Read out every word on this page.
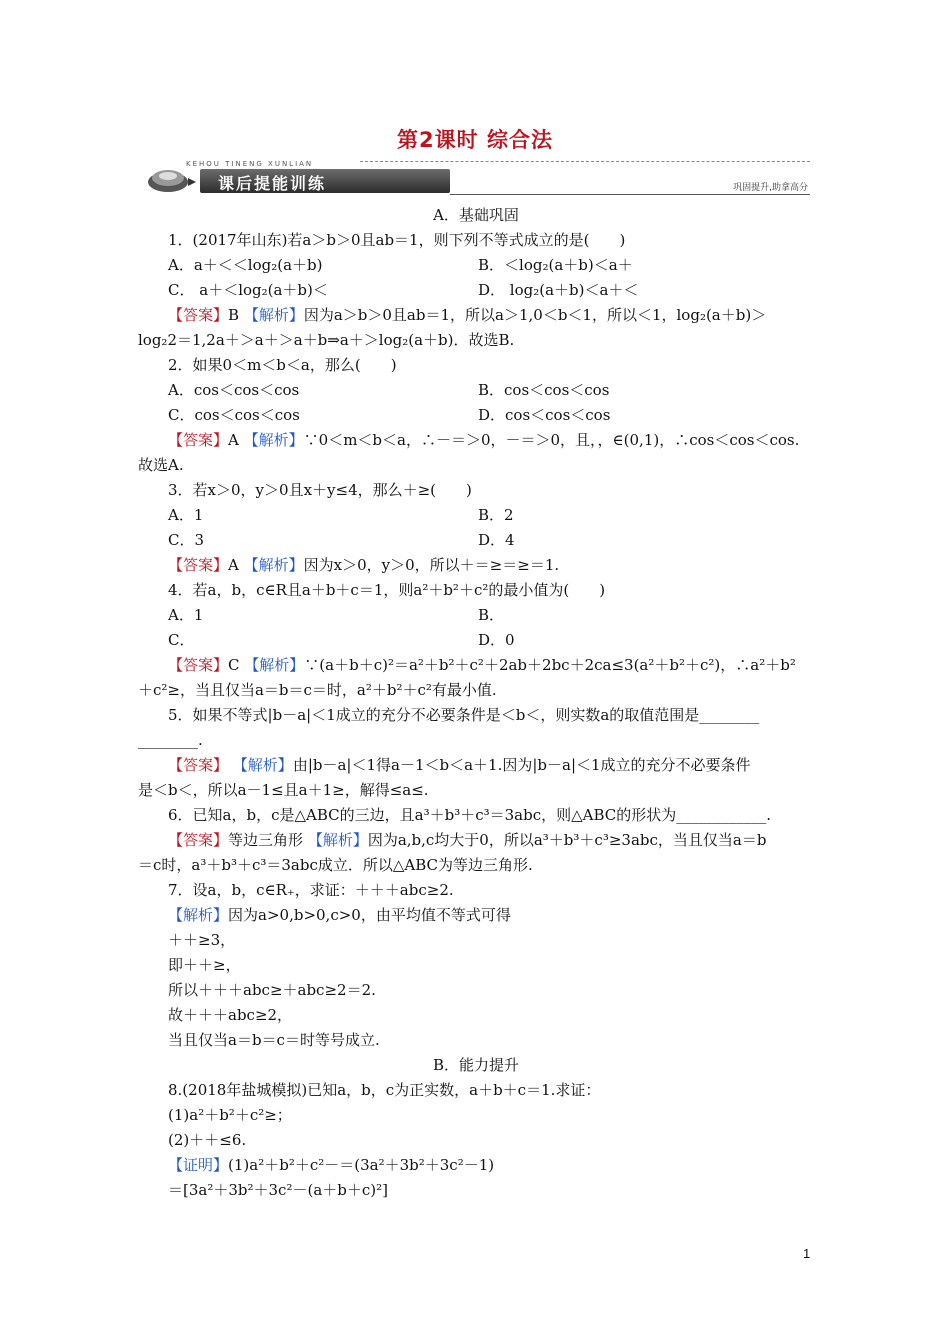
第2课时 综合法
KEHOU TINENG XUNLIAN
课后提能训练	巩固提升,助拿高分
A．基础巩固
1．(2017年山东)若a＞b＞0且ab＝1，则下列不等式成立的是(　　)
A．a＋＜＜log₂(a＋b)	B．＜log₂(a＋b)＜a＋
C． a＋＜log₂(a＋b)＜	D． log₂(a＋b)＜a＋＜
【答案】B 【解析】因为a＞b＞0且ab＝1，所以a＞1,0＜b＜1，所以＜1，log₂(a＋b)＞
log₂2＝1,2a＋＞a＋＞a＋b⇒a＋＞log₂(a＋b)．故选B.
2．如果0＜m＜b＜a，那么(　　)
A．cos＜cos＜cos	B．cos＜cos＜cos
C．cos＜cos＜cos	D．cos＜cos＜cos
【答案】A 【解析】∵0＜m＜b＜a，∴－＝＞0，－＝＞0，且，，∈(0,1)，∴cos＜cos＜cos.
故选A.
3．若x＞0，y＞0且x＋y≤4，那么＋≥(　　)
A．1	B．2
C．3	D．4
【答案】A 【解析】因为x＞0，y＞0，所以＋＝≥＝≥＝1.
4．若a，b，c∈R且a＋b＋c＝1，则a²＋b²＋c²的最小值为(　　)
A．1	B．
C．	D．0
【答案】C 【解析】∵(a＋b＋c)²＝a²＋b²＋c²＋2ab＋2bc＋2ca≤3(a²＋b²＋c²)，∴a²＋b²
＋c²≥，当且仅当a＝b＝c＝时，a²＋b²＋c²有最小值.
5．如果不等式|b－a|＜1成立的充分不必要条件是＜b＜，则实数a的取值范围是________
________.
【答案】 【解析】由|b－a|＜1得a－1＜b＜a＋1.因为|b－a|＜1成立的充分不必要条件
是＜b＜，所以a－1≤且a＋1≥，解得≤a≤.
6．已知a，b，c是△ABC的三边，且a³＋b³＋c³＝3abc，则△ABC的形状为____________.
【答案】等边三角形 【解析】因为a,b,c均大于0，所以a³＋b³＋c³≥3abc，当且仅当a＝b
＝c时，a³＋b³＋c³＝3abc成立．所以△ABC为等边三角形.
7．设a，b，c∈R₊，求证：＋＋＋abc≥2.
【解析】因为a>0,b>0,c>0，由平均值不等式可得
＋＋≥3，
即＋＋≥，
所以＋＋＋abc≥＋abc≥2＝2.
故＋＋＋abc≥2，
当且仅当a＝b＝c＝时等号成立.
B．能力提升
8.(2018年盐城模拟)已知a，b，c为正实数，a＋b＋c＝1.求证：
(1)a²＋b²＋c²≥；
(2)＋＋≤6.
【证明】(1)a²＋b²＋c²－＝(3a²＋3b²＋3c²－1)
＝[3a²＋3b²＋3c²－(a＋b＋c)²]
1
